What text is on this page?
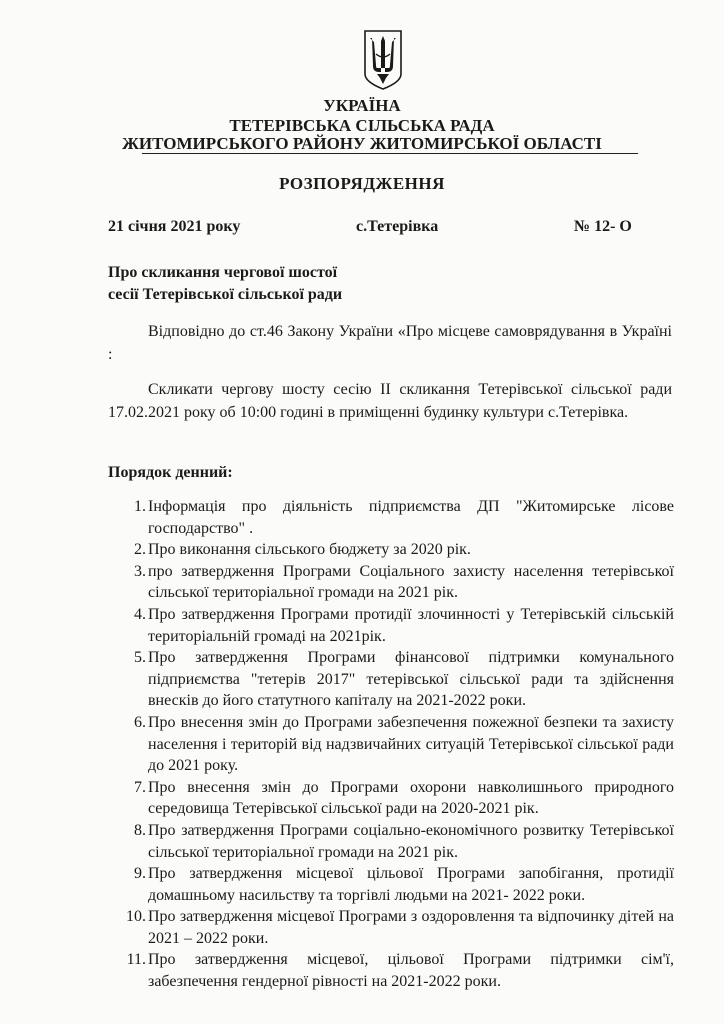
УКРАЇНА

ТЕТЕРІВСЬКА СІЛЬСЬКА РАДА

ЖИТОМИРСЬКОГО РАЙОНУ ЖИТОМИРСЬКОЇ ОБЛАСТІ

РОЗПОРЯДЖЕННЯ
21 січня 2021 року	с.Тетерівка	№ 12- О
Про скликання чергової шостої
сесії Тетерівської сільської ради

Відповідно до ст.46 Закону України «Про місцеве самоврядування в Україні :

Скликати чергову шосту сесію ІІ скликання Тетерівської сільської ради 17.02.2021 року об 10:00 годині в приміщенні будинку культури с.Тетерівка.

Порядок денний:
1. Інформація про діяльність підприємства ДП "Житомирське лісове господарство" .
2. Про виконання сільського бюджету за 2020 рік.
3. про затвердження Програми Соціального захисту населення тетерівської сільської територіальної громади на 2021 рік.
4. Про затвердження Програми протидії злочинності у Тетерівській сільській територіальній громаді на 2021рік.
5. Про затвердження Програми фінансової підтримки комунального підприємства "тетерів 2017" тетерівської сільської ради та здійснення внесків до його статутного капіталу на 2021-2022 роки.
6. Про внесення змін до Програми забезпечення пожежної безпеки та захисту населення і територій від надзвичайних ситуацій Тетерівської сільської ради до 2021 року.
7. Про внесення змін до Програми охорони навколишнього природного середовища Тетерівської сільської ради на 2020-2021 рік.
8. Про затвердження Програми соціально-економічного розвитку Тетерівської сільської територіальної громади на 2021 рік.
9. Про затвердження місцевої цільової Програми запобігання, протидії домашньому насильству та торгівлі людьми на 2021- 2022 роки.
10. Про затвердження місцевої Програми з оздоровлення та відпочинку дітей на 2021 – 2022 роки.
11. Про затвердження місцевої, цільової Програми підтримки сім'ї, забезпечення гендерної рівності на 2021-2022 роки.
